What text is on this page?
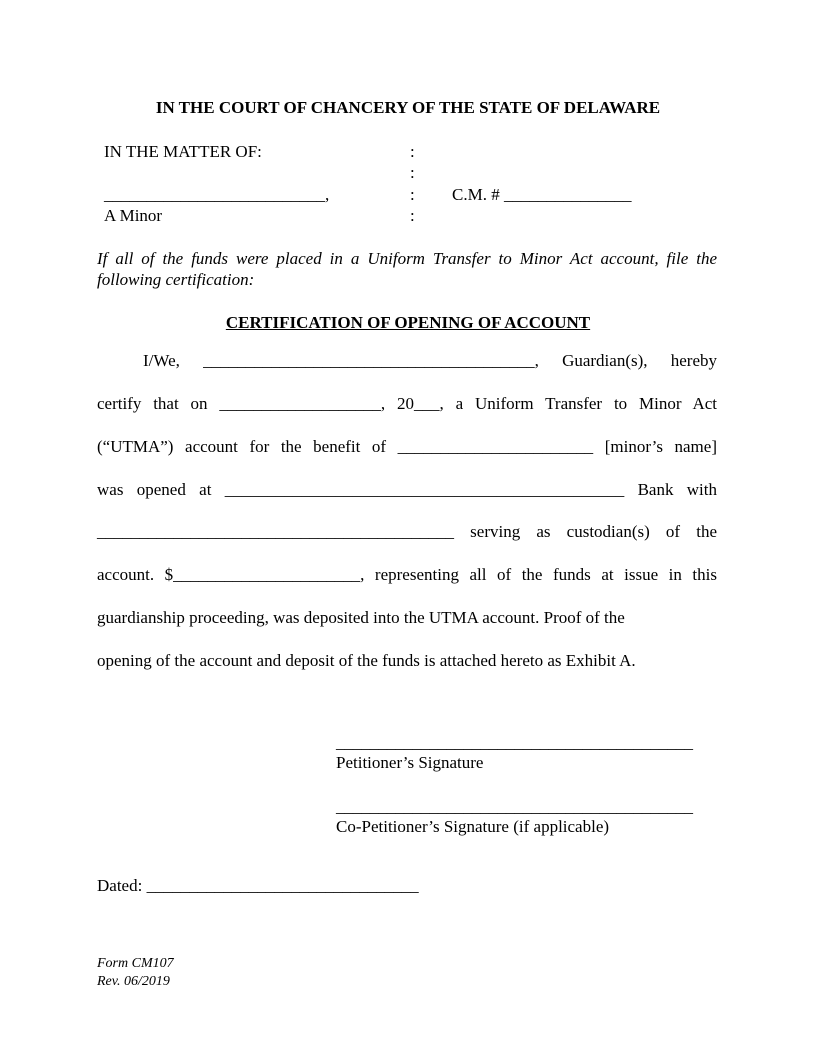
IN THE COURT OF CHANCERY OF THE STATE OF DELAWARE
IN THE MATTER OF:	:
:
__________________________,	: C.M. # _______________
A Minor	:
If all of the funds were placed in a Uniform Transfer to Minor Act account, file the
following certification:
CERTIFICATION OF OPENING OF ACCOUNT
I/We, _______________________________________, Guardian(s), hereby
certify that on ___________________, 20___, a Uniform Transfer to Minor Act
(“UTMA”) account for the benefit of _______________________ [minor’s name]
was opened at _______________________________________________ Bank with
__________________________________________ serving as custodian(s) of the
account. $______________________, representing all of the funds at issue in this
guardianship proceeding, was deposited into the UTMA account. Proof of the
opening of the account and deposit of the funds is attached hereto as Exhibit A.
__________________________________________
Petitioner’s Signature
__________________________________________
Co-Petitioner’s Signature (if applicable)
Dated: ________________________________
Form CM107
Rev. 06/2019
